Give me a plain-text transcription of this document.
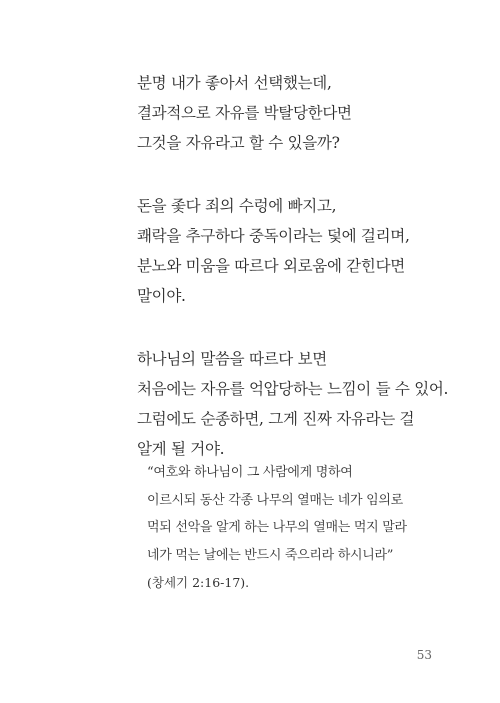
분명 내가 좋아서 선택했는데,
결과적으로 자유를 박탈당한다면
그것을 자유라고 할 수 있을까?

돈을 좇다 죄의 수렁에 빠지고,
쾌락을 추구하다 중독이라는 덫에 걸리며,
분노와 미움을 따르다 외로움에 갇힌다면
말이야.

하나님의 말씀을 따르다 보면
처음에는 자유를 억압당하는 느낌이 들 수 있어.
그럼에도 순종하면, 그게 진짜 자유라는 걸
알게 될 거야.

“여호와 하나님이 그 사람에게 명하여
이르시되 동산 각종 나무의 열매는 네가 임의로
먹되 선악을 알게 하는 나무의 열매는 먹지 말라
네가 먹는 날에는 반드시 죽으리라 하시니라”
(창세기 2:16-17).
53
